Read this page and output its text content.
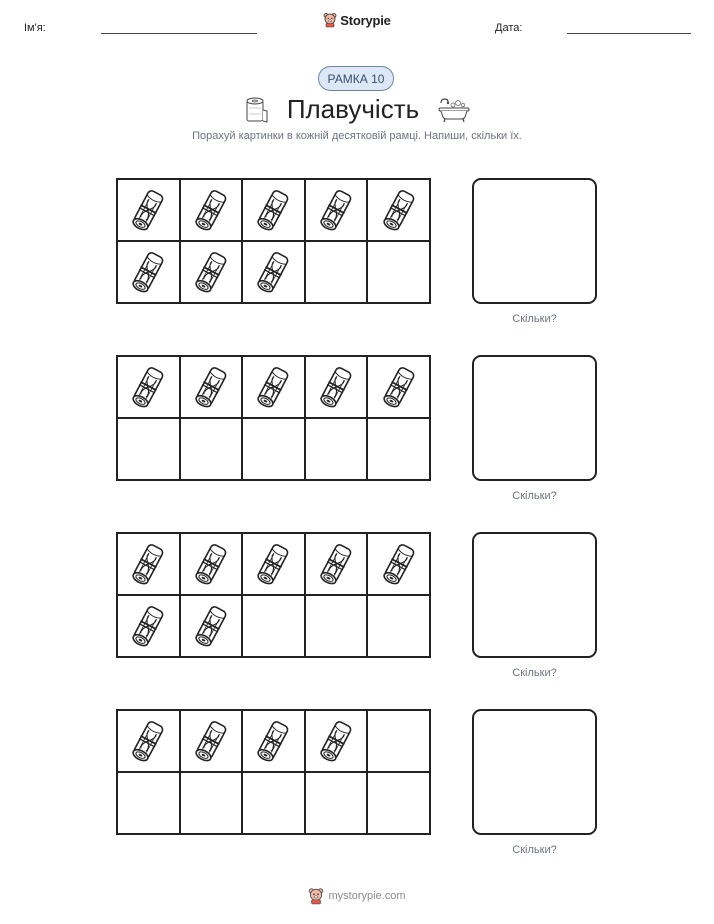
Ім'я:
Storypie
Дата:
РАМКА 10
Плавучість
Порахуй картинки в кожній десятковій рамці. Напиши, скільки їх.
Скільки?
Скільки?
Скільки?
Скільки?
mystorypie.com
